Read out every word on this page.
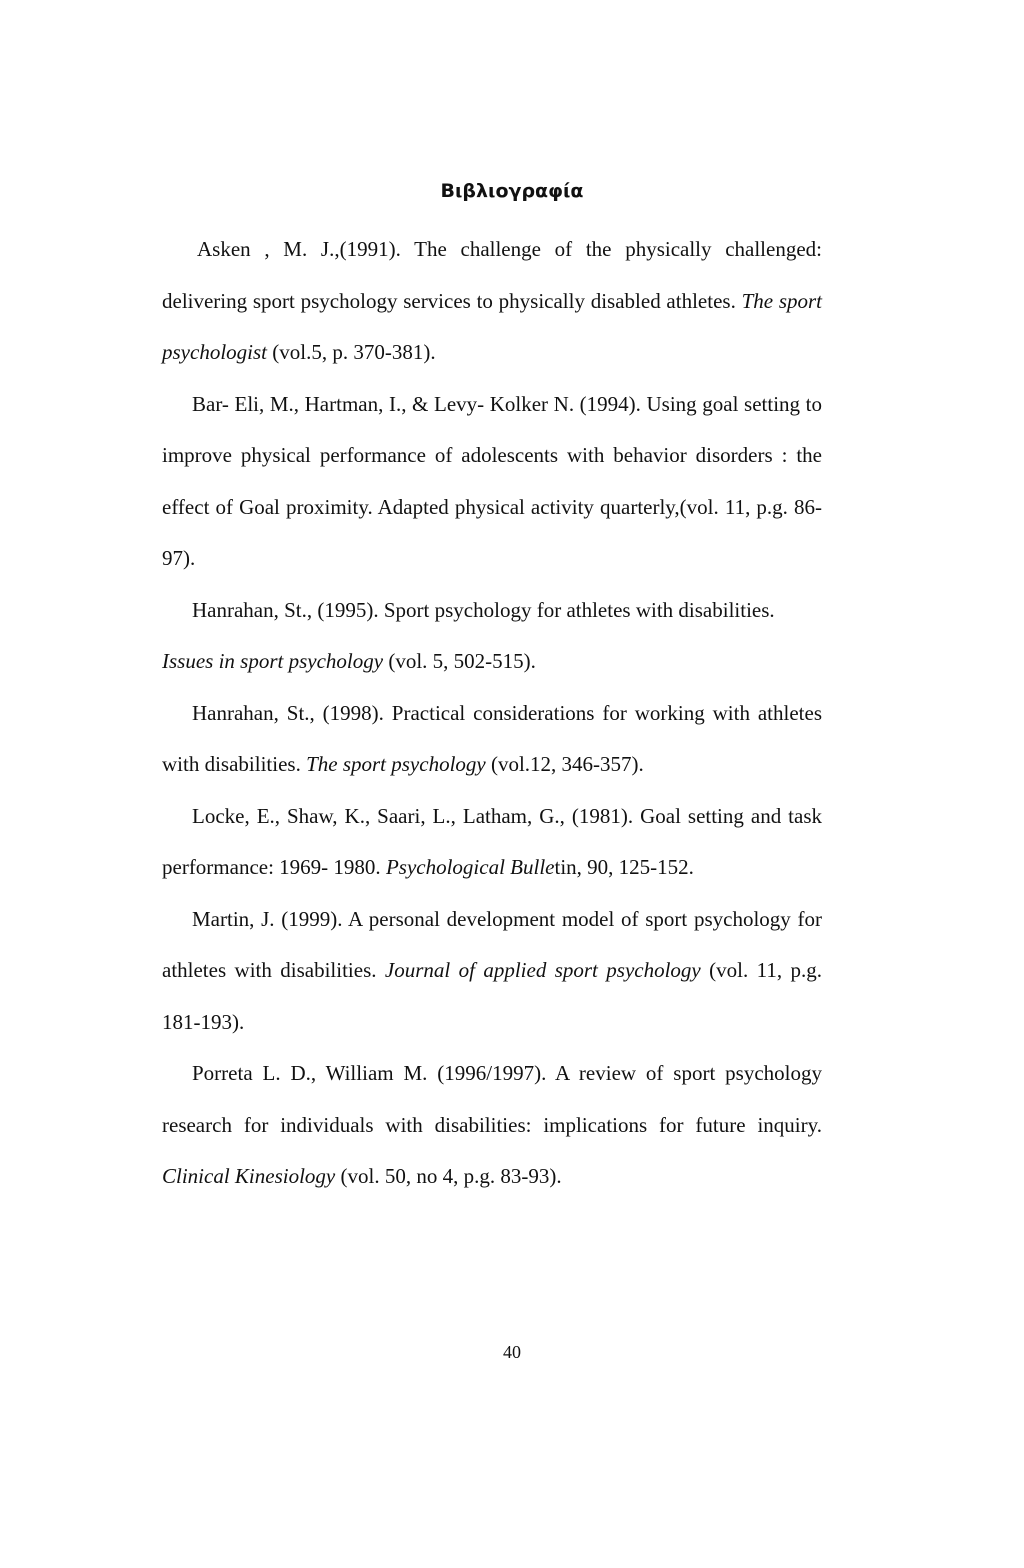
Βιβλιογραφία

Asken , M. J.,(1991). The challenge of the physically challenged: delivering sport psychology services to physically disabled athletes. The sport psychologist (vol.5, p. 370-381).

Bar- Eli, M., Hartman, I., & Levy- Kolker N. (1994). Using goal setting to improve physical performance of adolescents with behavior disorders : the effect of Goal proximity. Adapted physical activity quarterly,(vol. 11, p.g. 86-97).

Hanrahan, St., (1995). Sport psychology for athletes with disabilities. Issues in sport psychology (vol. 5, 502-515).

Hanrahan, St., (1998). Practical considerations for working with athletes with disabilities. The sport psychology (vol.12, 346-357).

Locke, E., Shaw, K., Saari, L., Latham, G., (1981). Goal setting and task performance: 1969- 1980. Psychological Bulletin, 90, 125-152.

Martin, J. (1999). A personal development model of sport psychology for athletes with disabilities. Journal of applied sport psychology (vol. 11, p.g. 181-193).

Porreta L. D., William M. (1996/1997). A review of sport psychology research for individuals with disabilities: implications for future inquiry. Clinical Kinesiology (vol. 50, no 4, p.g. 83-93).

40
